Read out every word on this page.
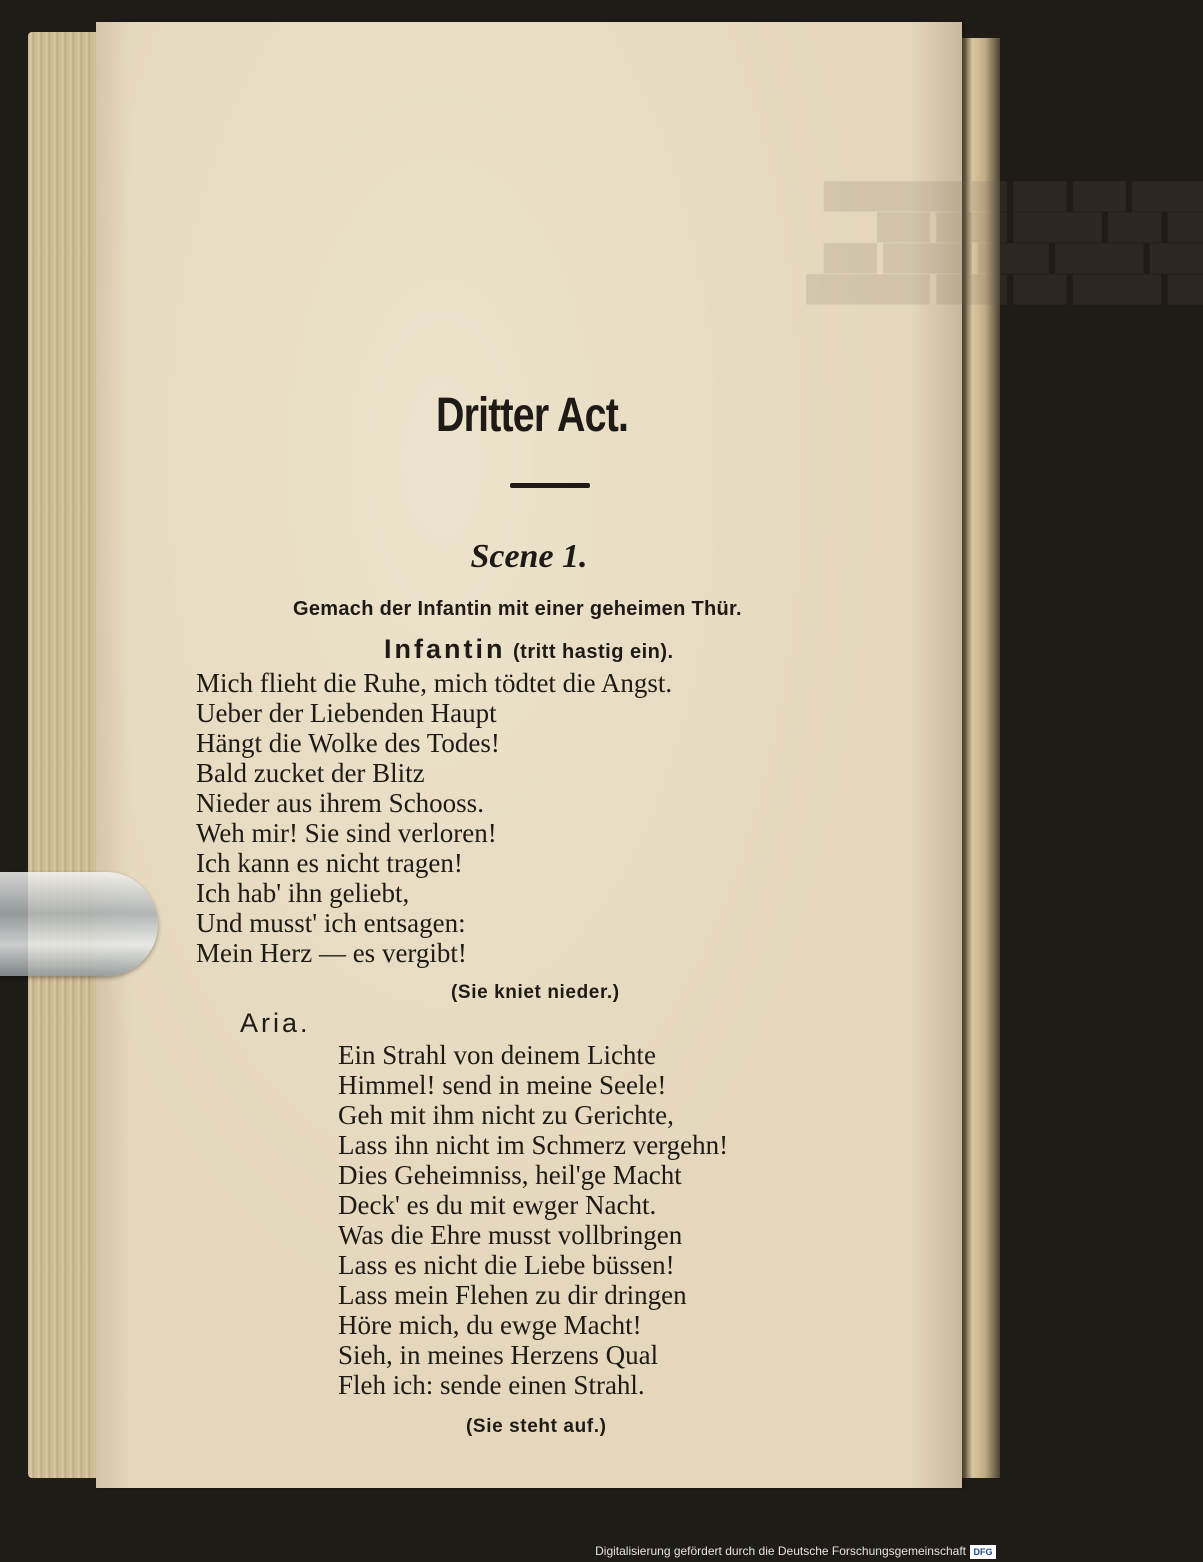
████ ███ ███ ██ ████████
██ ███ █████ ████ ███
███ █████ ████ █████ ███
██ █████ ███ ████ ███████

Dritter Act.
Scene 1.
Gemach der Infantin mit einer geheimen Thür.
Infantin (tritt hastig ein).
Mich flieht die Ruhe, mich tödtet die Angst.
Ueber der Liebenden Haupt
Hängt die Wolke des Todes!
Bald zucket der Blitz
Nieder aus ihrem Schooss.
Weh mir! Sie sind verloren!
Ich kann es nicht tragen!
Ich hab' ihn geliebt,
Und musst' ich entsagen:
Mein Herz — es vergibt!
(Sie kniet nieder.)
Aria.
Ein Strahl von deinem Lichte
Himmel! send in meine Seele!
Geh mit ihm nicht zu Gerichte,
Lass ihn nicht im Schmerz vergehn!
Dies Geheimniss, heil'ge Macht
Deck' es du mit ewger Nacht.
Was die Ehre musst vollbringen
Lass es nicht die Liebe büssen!
Lass mein Flehen zu dir dringen
Höre mich, du ewge Macht!
Sieh, in meines Herzens Qual
Fleh ich: sende einen Strahl.
(Sie steht auf.)
Digitalisierung gefördert durch die Deutsche Forschungsgemeinschaft DFG
